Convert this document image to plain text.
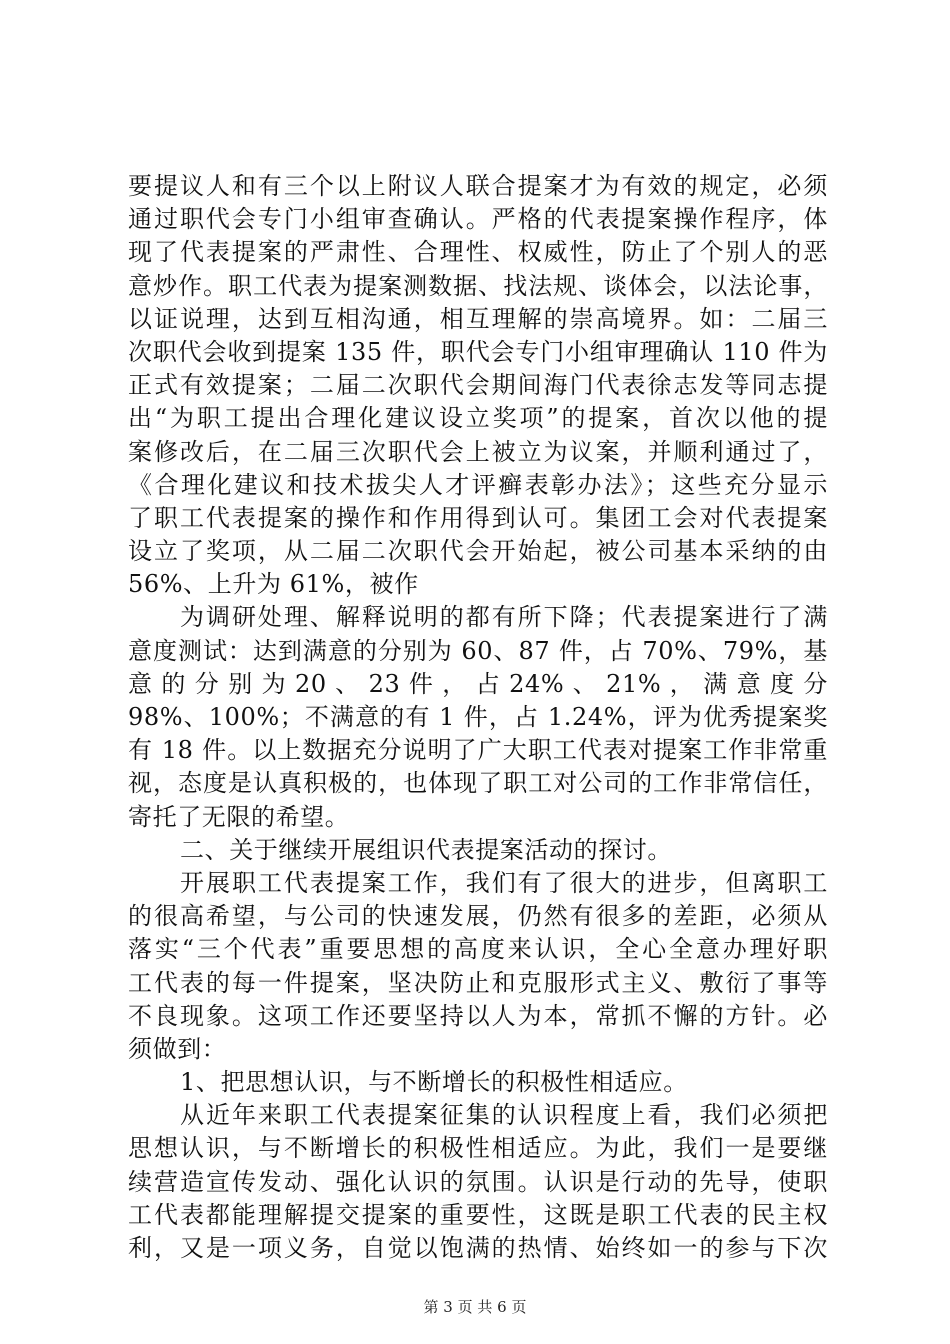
要提议人和有三个以上附议人联合提案才为有效的规定，必须
通过职代会专门小组审查确认。严格的代表提案操作程序，体
现了代表提案的严肃性、合理性、权威性，防止了个别人的恶
意炒作。职工代表为提案测数据、找法规、谈体会，以法论事，
以证说理，达到互相沟通，相互理解的崇高境界。如：二届三
次职代会收到提案 135 件，职代会专门小组审理确认 110 件为
正式有效提案；二届二次职代会期间海门代表徐志发等同志提
出“为职工提出合理化建议设立奖项”的提案，首次以他的提
案修改后，在二届三次职代会上被立为议案，并顺利通过了，
《合理化建议和技术拔尖人才评癣表彰办法》；这些充分显示
了职工代表提案的操作和作用得到认可。集团工会对代表提案
设立了奖项，从二届二次职代会开始起，被公司基本采纳的由
56%、上升为 61%，被作
为调研处理、解释说明的都有所下降；代表提案进行了满
意度测试：达到满意的分别为 60、87 件，占 70%、79%，基
意 的 分 别 为 20 、 23 件 ， 占 24% 、 21% ， 满 意 度 分
98%、100%；不满意的有 1 件，占 1.24%，评为优秀提案奖
有 18 件。以上数据充分说明了广大职工代表对提案工作非常重
视，态度是认真积极的，也体现了职工对公司的工作非常信任，
寄托了无限的希望。
二、关于继续开展组识代表提案活动的探讨。
开展职工代表提案工作，我们有了很大的进步，但离职工
的很高希望，与公司的快速发展，仍然有很多的差距，必须从
落实“三个代表”重要思想的高度来认识，全心全意办理好职
工代表的每一件提案，坚决防止和克服形式主义、敷衍了事等
不良现象。这项工作还要坚持以人为本，常抓不懈的方针。必
须做到：
1、把思想认识，与不断增长的积极性相适应。
从近年来职工代表提案征集的认识程度上看，我们必须把
思想认识，与不断增长的积极性相适应。为此，我们一是要继
续营造宣传发动、强化认识的氛围。认识是行动的先导，使职
工代表都能理解提交提案的重要性，这既是职工代表的民主权
利，又是一项义务，自觉以饱满的热情、始终如一的参与下次
第 3 页 共 6 页
